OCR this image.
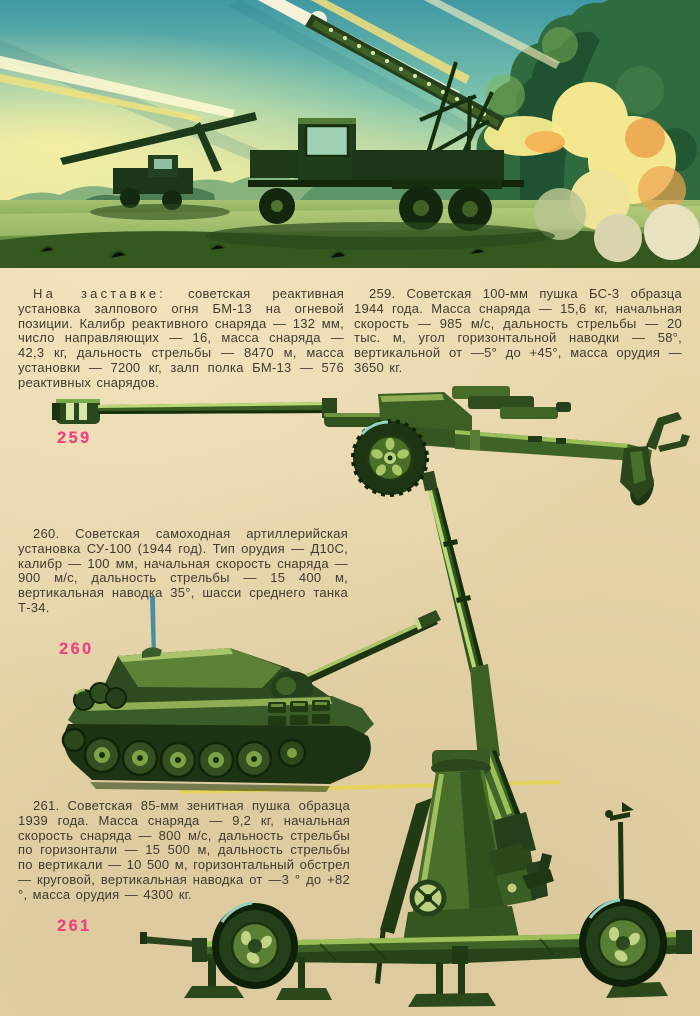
На заставке: советская реактивная установка залпового огня БМ-13 на огневой позиции. Калибр реактивного снаряда — 132 мм, число направляющих — 16, масса снаряда — 42,3 кг, дальность стрельбы — 8470 м, масса установки — 7200 кг, залп полка БМ-13 — 576 реактивных снарядов.

259. Советская 100-мм пушка БС-3 образца 1944 года. Масса снаряда — 15,6 кг, начальная скорость — 985 м/с, дальность стрельбы — 20 тыс. м, угол горизонтальной наводки — 58°, вертикальной от —5° до +45°, масса орудия — 3650 кг.

260. Советская самоходная артиллерийская установка СУ-100 (1944 год). Тип орудия — Д10С, калибр — 100 мм, начальная скорость снаряда — 900 м/с, дальность стрельбы — 15 400 м, вертикальная наводка 35°, шасси среднего танка Т-34.

261. Советская 85-мм зенитная пушка образца 1939 года. Масса снаряда — 9,2 кг, начальная скорость снаряда — 800 м/с, дальность стрельбы по горизонтали — 15 500 м, дальность стрельбы по вертикали — 10 500 м, горизонтальный обстрел — круговой, вертикальная наводка от —3 ° до +82 °, масса орудия — 4300 кг.

259
260
261
